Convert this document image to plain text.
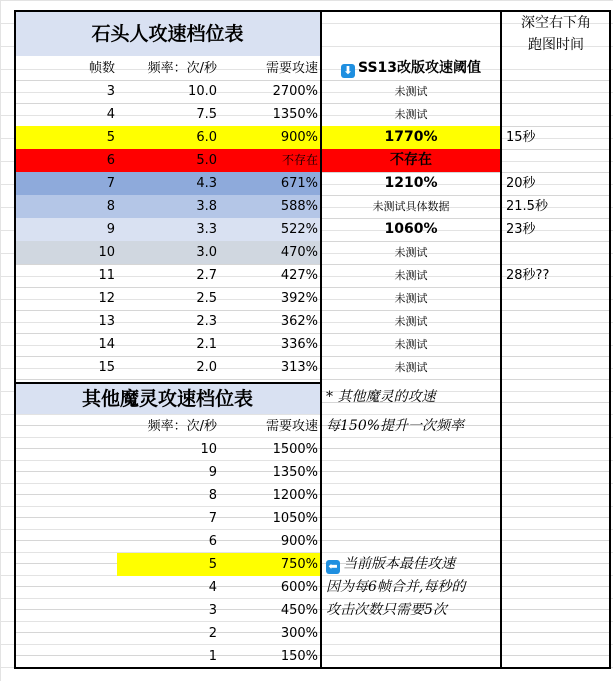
石头人攻速档位表	深空右下角
跑图时间
帧数	频率：次/秒	需要攻速	⬇ SS13改版攻速阈值
3	10.0	2700%	未测试
4	7.5	1350%	未测试
5	6.0	900%	1770%	15秒
6	5.0	不存在	不存在
7	4.3	671%	1210%	20秒
8	3.8	588%	未测试具体数据	21.5秒
9	3.3	522%	1060%	23秒
10	3.0	470%	未测试
11	2.7	427%	未测试	28秒??
12	2.5	392%	未测试
13	2.3	362%	未测试
14	2.1	336%	未测试
15	2.0	313%	未测试
其他魔灵攻速档位表	* 其他魔灵的攻速
频率：次/秒	需要攻速 每150%提升一次频率
10	1500%
9	1350%
8	1200%
7	1050%
6	900%
5	750%
4	600%
3	450%
2	300%
1	150%
⬅ 当前版本最佳攻速
因为每6帧合并,每秒的
攻击次数只需要5次
